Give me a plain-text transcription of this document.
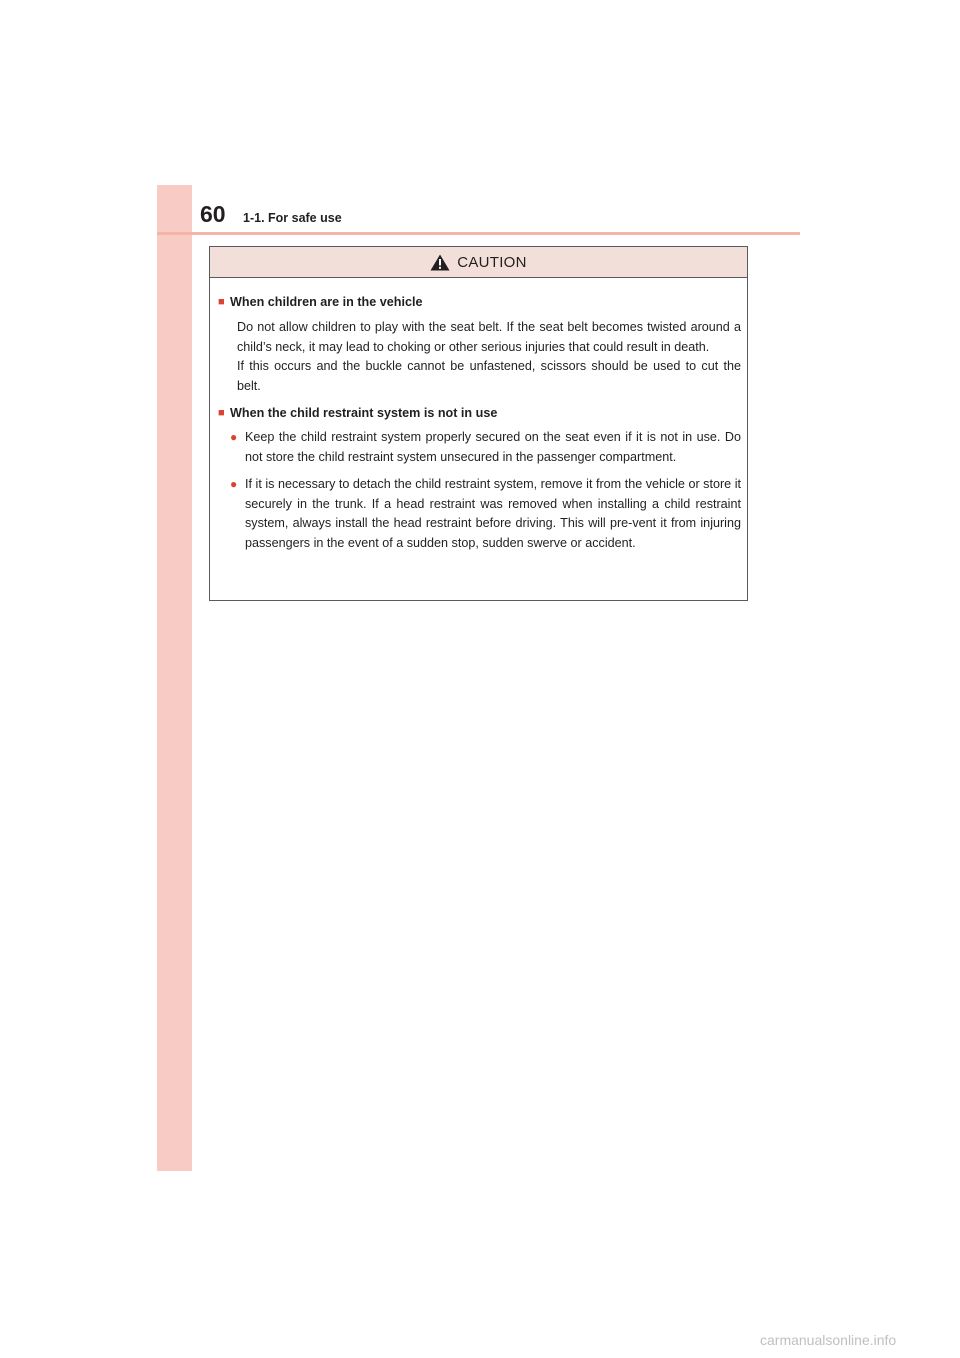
60 1-1. For safe use
CAUTION
■ When children are in the vehicle
Do not allow children to play with the seat belt. If the seat belt becomes twisted around a child’s neck, it may lead to choking or other serious injuries that could result in death.
If this occurs and the buckle cannot be unfastened, scissors should be used to cut the belt.
■ When the child restraint system is not in use
● Keep the child restraint system properly secured on the seat even if it is not in use. Do not store the child restraint system unsecured in the passenger compartment.
● If it is necessary to detach the child restraint system, remove it from the vehicle or store it securely in the trunk. If a head restraint was removed when installing a child restraint system, always install the head restraint before driving. This will pre-vent it from injuring passengers in the event of a sudden stop, sudden swerve or accident.
carmanualsonline.info
